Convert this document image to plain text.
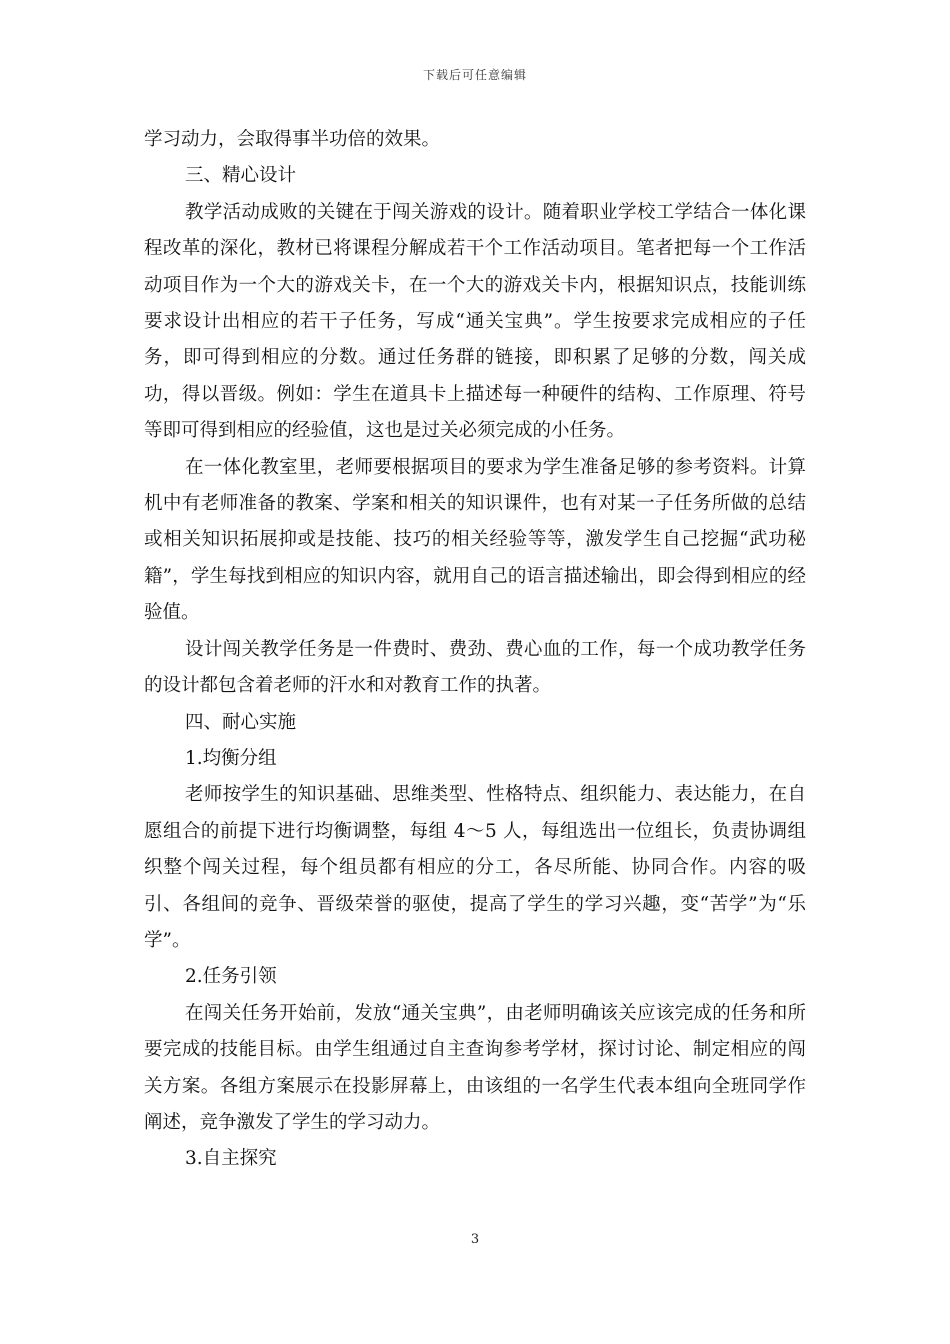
下载后可任意编辑

学习动力，会取得事半功倍的效果。

三、精心设计

教学活动成败的关键在于闯关游戏的设计。随着职业学校工学结合一体化课程改革的深化，教材已将课程分解成若干个工作活动项目。笔者把每一个工作活动项目作为一个大的游戏关卡，在一个大的游戏关卡内，根据知识点，技能训练要求设计出相应的若干子任务，写成“通关宝典”。学生按要求完成相应的子任务，即可得到相应的分数。通过任务群的链接，即积累了足够的分数，闯关成功，得以晋级。例如：学生在道具卡上描述每一种硬件的结构、工作原理、符号等即可得到相应的经验值，这也是过关必须完成的小任务。

在一体化教室里，老师要根据项目的要求为学生准备足够的参考资料。计算机中有老师准备的教案、学案和相关的知识课件，也有对某一子任务所做的总结或相关知识拓展抑或是技能、技巧的相关经验等等，激发学生自己挖掘“武功秘籍”，学生每找到相应的知识内容，就用自己的语言描述输出，即会得到相应的经验值。

设计闯关教学任务是一件费时、费劲、费心血的工作，每一个成功教学任务的设计都包含着老师的汗水和对教育工作的执著。

四、耐心实施

1.均衡分组

老师按学生的知识基础、思维类型、性格特点、组织能力、表达能力，在自愿组合的前提下进行均衡调整，每组 4～5 人，每组选出一位组长，负责协调组织整个闯关过程，每个组员都有相应的分工，各尽所能、协同合作。内容的吸引、各组间的竞争、晋级荣誉的驱使，提高了学生的学习兴趣，变“苦学”为“乐学”。

2.任务引领

在闯关任务开始前，发放“通关宝典”，由老师明确该关应该完成的任务和所要完成的技能目标。由学生组通过自主查询参考学材，探讨讨论、制定相应的闯关方案。各组方案展示在投影屏幕上，由该组的一名学生代表本组向全班同学作阐述，竞争激发了学生的学习动力。

3.自主探究

3
